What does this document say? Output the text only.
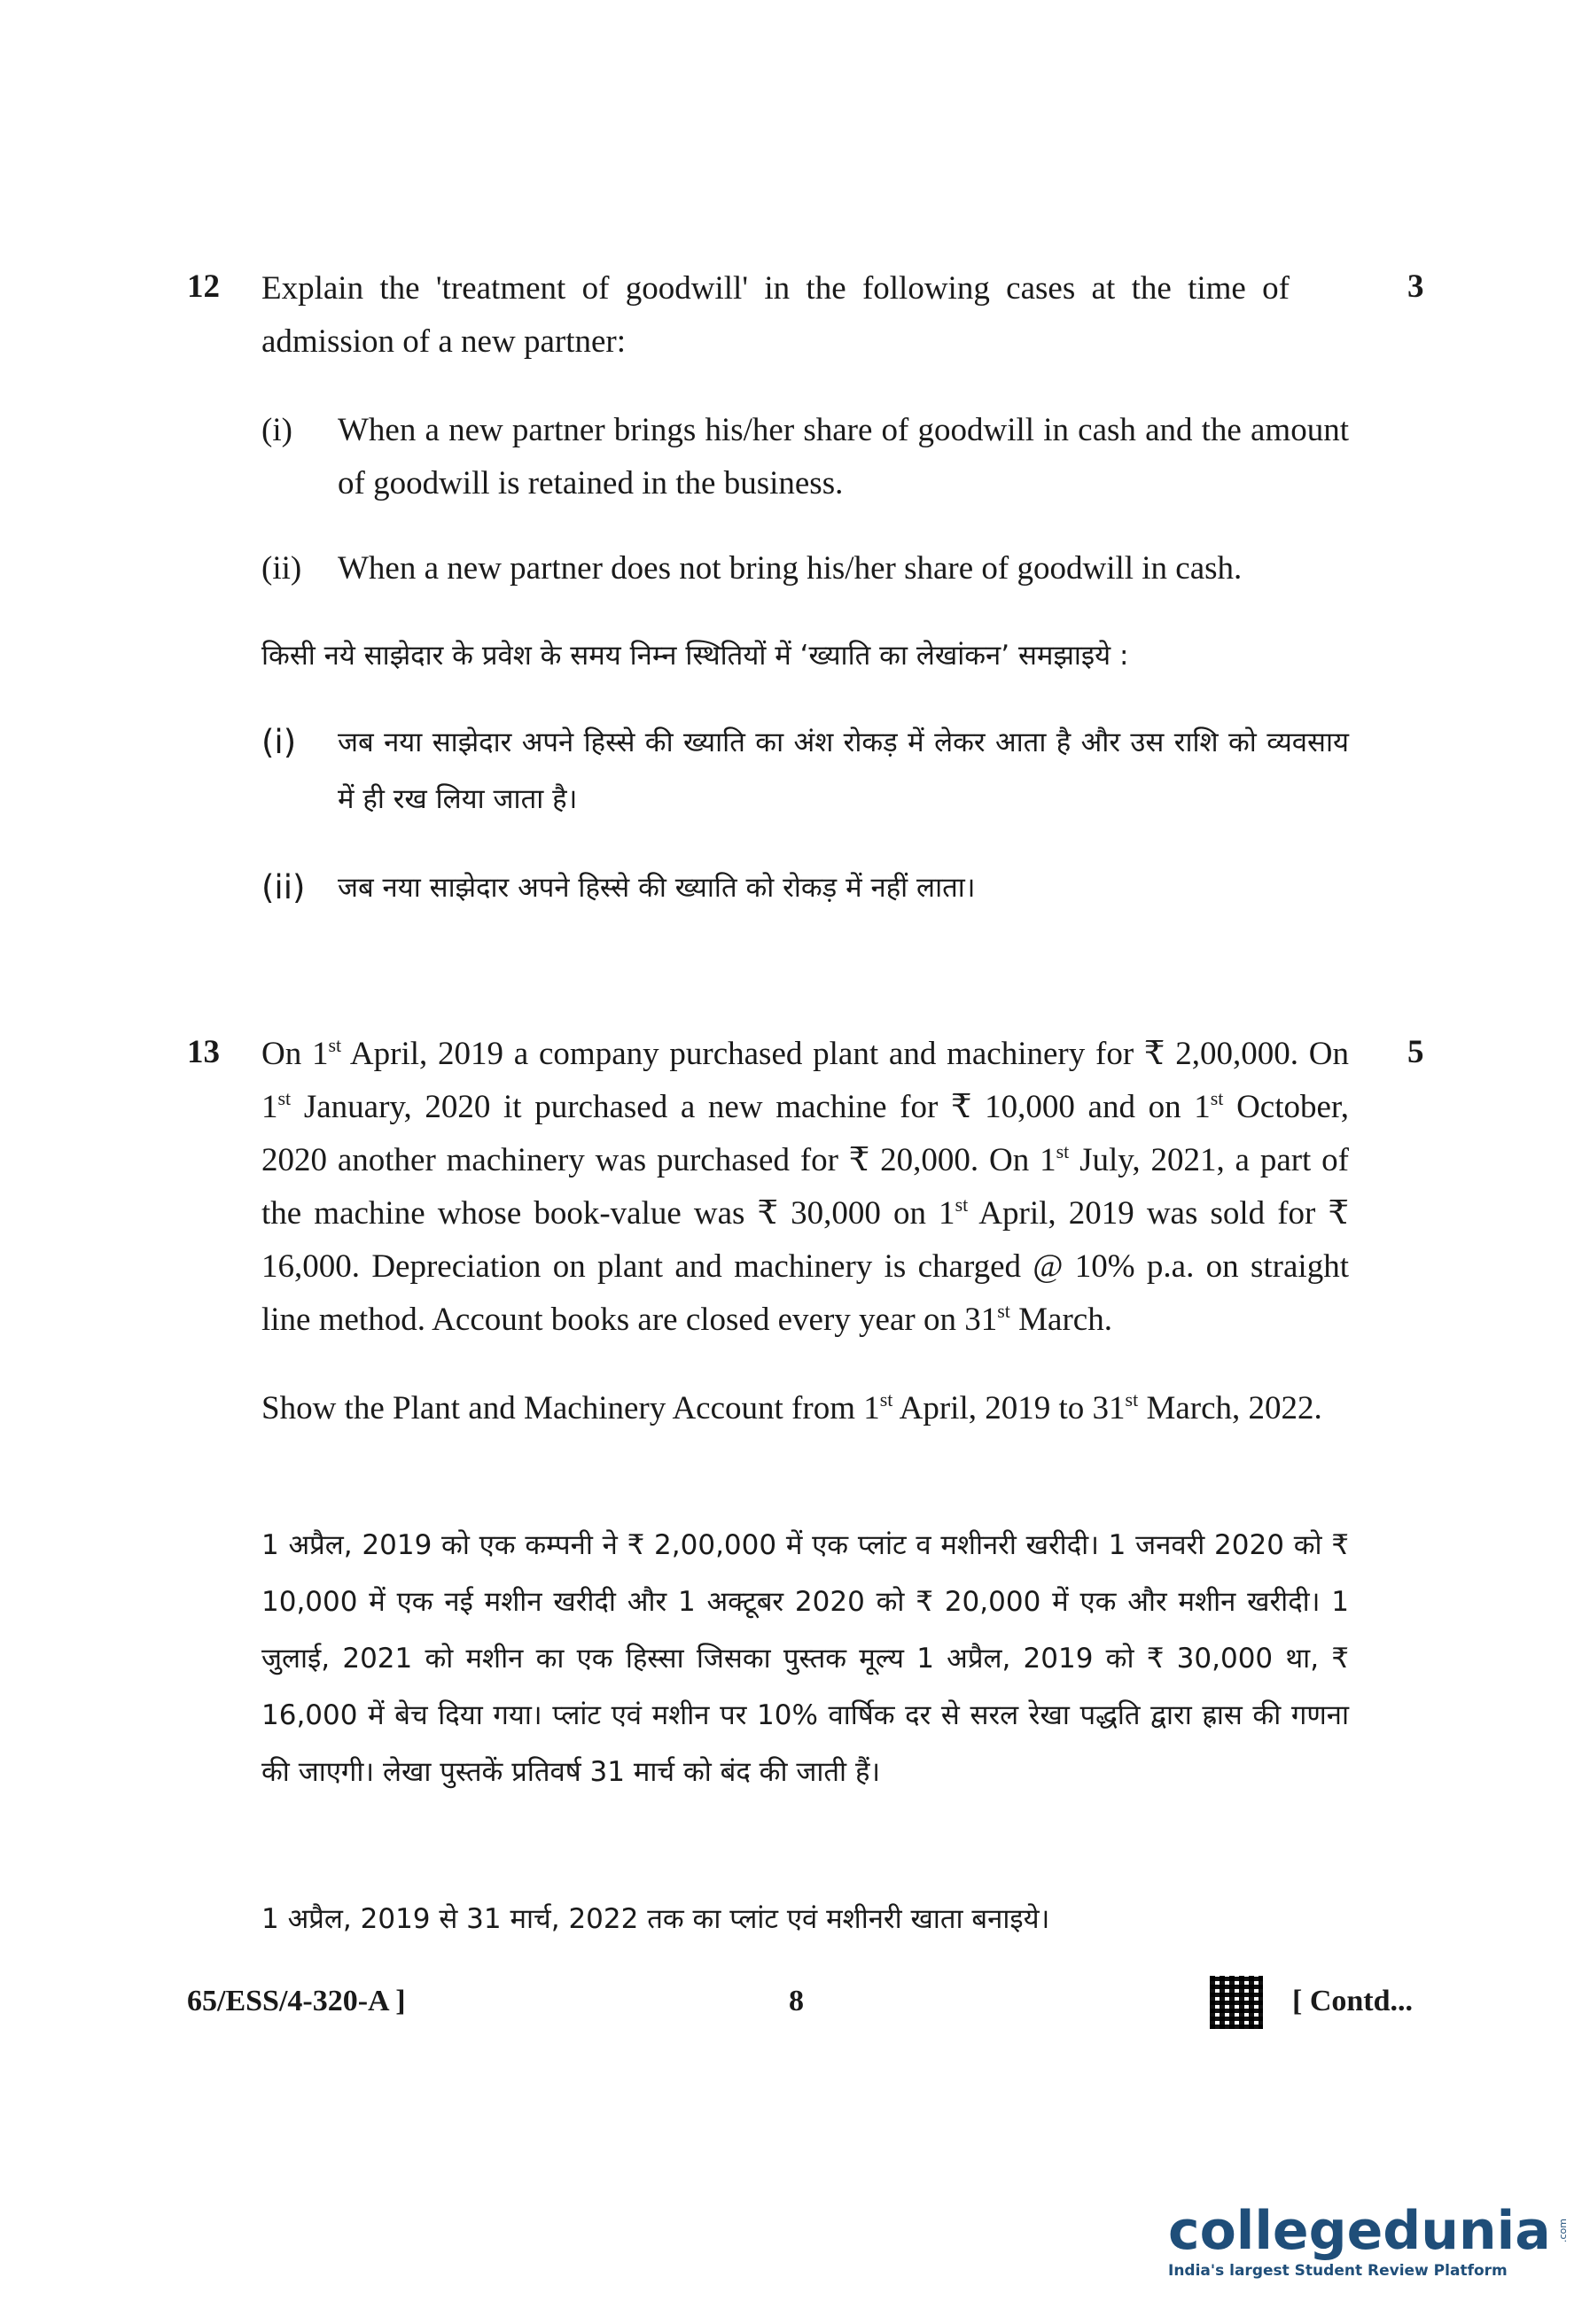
12	3
Explain the 'treatment of goodwill' in the following cases at the time of admission of a new partner:
(i)	When a new partner brings his/her share of goodwill in cash and the amount of goodwill is retained in the business.
(ii)	When a new partner does not bring his/her share of goodwill in cash.
किसी नये साझेदार के प्रवेश के समय निम्न स्थितियों में ‘ख्याति का लेखांकन’ समझाइये :
(i)	जब नया साझेदार अपने हिस्से की ख्याति का अंश रोकड़ में लेकर आता है और उस राशि को व्यवसाय में ही रख लिया जाता है।
(ii)	जब नया साझेदार अपने हिस्से की ख्याति को रोकड़ में नहीं लाता।
13	5
On 1st April, 2019 a company purchased plant and machinery for ₹ 2,00,000. On 1st January, 2020 it purchased a new machine for ₹ 10,000 and on 1st October, 2020 another machinery was purchased for ₹ 20,000. On 1st July, 2021, a part of the machine whose book-value was ₹ 30,000 on 1st April, 2019 was sold for ₹ 16,000. Depreciation on plant and machinery is charged @ 10% p.a. on straight line method. Account books are closed every year on 31st March.
Show the Plant and Machinery Account from 1st April, 2019 to 31st March, 2022.
1 अप्रैल, 2019 को एक कम्पनी ने ₹ 2,00,000 में एक प्लांट व मशीनरी खरीदी। 1 जनवरी 2020 को ₹ 10,000 में एक नई मशीन खरीदी और 1 अक्टूबर 2020 को ₹ 20,000 में एक और मशीन खरीदी। 1 जुलाई, 2021 को मशीन का एक हिस्सा जिसका पुस्तक मूल्य 1 अप्रैल, 2019 को ₹ 30,000 था, ₹ 16,000 में बेच दिया गया। प्लांट एवं मशीन पर 10% वार्षिक दर से सरल रेखा पद्धति द्वारा ह्रास की गणना की जाएगी। लेखा पुस्तकें प्रतिवर्ष 31 मार्च को बंद की जाती हैं।
1 अप्रैल, 2019 से 31 मार्च, 2022 तक का प्लांट एवं मशीनरी खाता बनाइये।
65/ESS/4-320-A ]	8	[ Contd...
collegedunia .com
India's largest Student Review Platform
